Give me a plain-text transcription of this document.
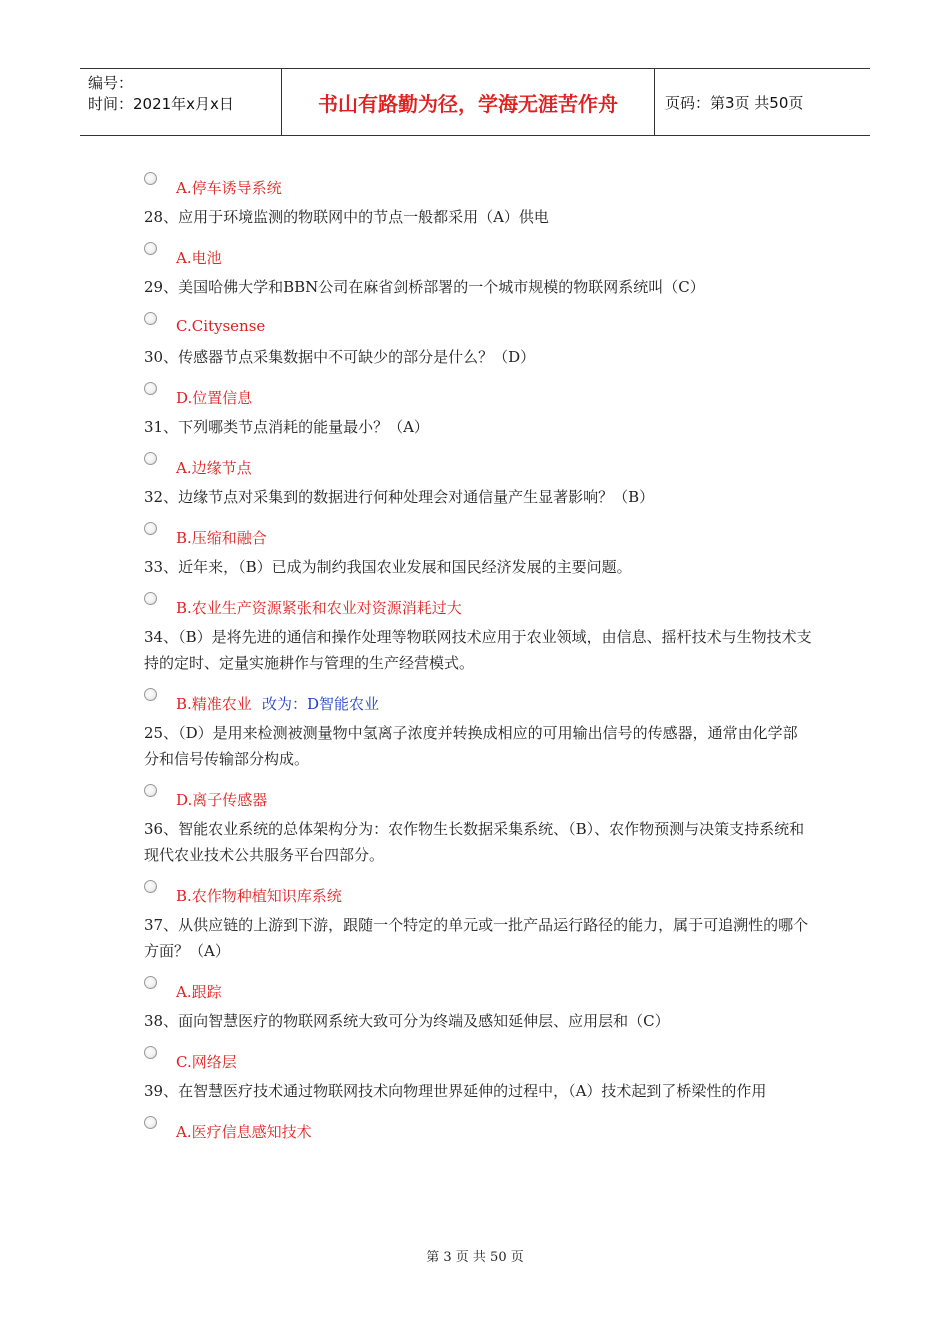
编号：
时间：2021年x月x日	书山有路勤为径，学海无涯苦作舟	页码：第3页 共50页
A.停车诱导系统
28、应用于环境监测的物联网中的节点一般都采用（A）供电
A.电池
29、美国哈佛大学和BBN公司在麻省剑桥部署的一个城市规模的物联网系统叫（C）
C.Citysense
30、传感器节点采集数据中不可缺少的部分是什么？（D）
D.位置信息
31、下列哪类节点消耗的能量最小？（A）
A.边缘节点
32、边缘节点对采集到的数据进行何种处理会对通信量产生显著影响？（B）
B.压缩和融合
33、近年来，（B）已成为制约我国农业发展和国民经济发展的主要问题。
B.农业生产资源紧张和农业对资源消耗过大
34、（B）是将先进的通信和操作处理等物联网技术应用于农业领域，由信息、摇杆技术与生物技术支持的定时、定量实施耕作与管理的生产经营模式。
B.精准农业 改为：D智能农业
25、（D）是用来检测被测量物中氢离子浓度并转换成相应的可用输出信号的传感器，通常由化学部分和信号传输部分构成。
D.离子传感器
36、智能农业系统的总体架构分为：农作物生长数据采集系统、（B）、农作物预测与决策支持系统和现代农业技术公共服务平台四部分。
B.农作物种植知识库系统
37、从供应链的上游到下游，跟随一个特定的单元或一批产品运行路径的能力，属于可追溯性的哪个方面？（A）
A.跟踪
38、面向智慧医疗的物联网系统大致可分为终端及感知延伸层、应用层和（C）
C.网络层
39、在智慧医疗技术通过物联网技术向物理世界延伸的过程中，（A）技术起到了桥梁性的作用
A.医疗信息感知技术
第 3 页 共 50 页
